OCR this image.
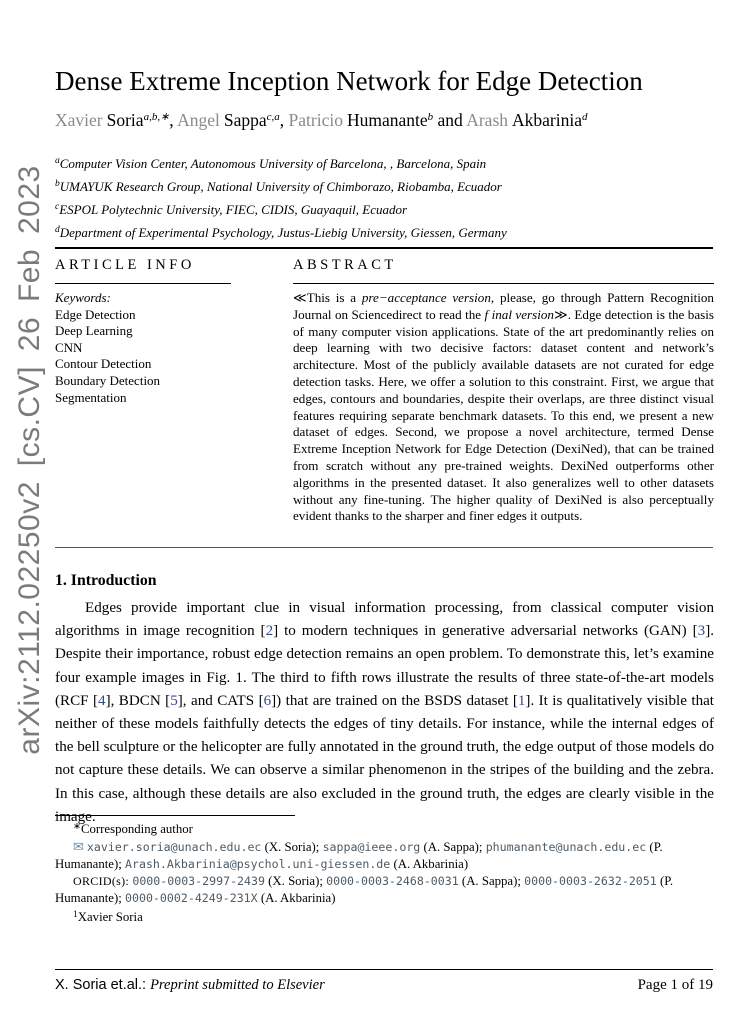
arXiv:2112.02250v2 [cs.CV] 26 Feb 2023
Dense Extreme Inception Network for Edge Detection
Xavier Soria$^{a,b,∗}$, Angel Sappa$^{c,a}$, Patricio Humanante$^b$ and Arash Akbarinia$^d$
$^a$Computer Vision Center, Autonomous University of Barcelona, , Barcelona, Spain
$^b$UMAYUK Research Group, National University of Chimborazo, Riobamba, Ecuador
$^c$ESPOL Polytechnic University, FIEC, CIDIS, Guayaquil, Ecuador
$^d$Department of Experimental Psychology, Justus-Liebig University, Giessen, Germany
ARTICLE INFO
Keywords:
Edge Detection
Deep Learning
CNN
Contour Detection
Boundary Detection
Segmentation
ABSTRACT
≪This is a pre−acceptance version, please, go through Pattern Recognition Journal on Sciencedirect to read the f inal version≫. Edge detection is the basis of many computer vision applications. State of the art predominantly relies on deep learning with two decisive factors: dataset content and network’s architecture. Most of the publicly available datasets are not curated for edge detection tasks. Here, we offer a solution to this constraint. First, we argue that edges, contours and boundaries, despite their overlaps, are three distinct visual features requiring separate benchmark datasets. To this end, we present a new dataset of edges. Second, we propose a novel architecture, termed Dense Extreme Inception Network for Edge Detection (DexiNed), that can be trained from scratch without any pre-trained weights. DexiNed outperforms other algorithms in the presented dataset. It also generalizes well to other datasets without any fine-tuning. The higher quality of DexiNed is also perceptually evident thanks to the sharper and finer edges it outputs.
1. Introduction
Edges provide important clue in visual information processing, from classical computer vision algorithms in image recognition [2] to modern techniques in generative adversarial networks (GAN) [3]. Despite their importance, robust edge detection remains an open problem. To demonstrate this, let’s examine four example images in Fig. 1. The third to fifth rows illustrate the results of three state-of-the-art models (RCF [4], BDCN [5], and CATS [6]) that are trained on the BSDS dataset [1]. It is qualitatively visible that neither of these models faithfully detects the edges of tiny details. For instance, while the internal edges of the bell sculpture or the helicopter are fully annotated in the ground truth, the edge output of those models do not capture these details. We can observe a similar phenomenon in the stripes of the building and the zebra. In this case, although these details are also excluded in the ground truth, the edges are clearly visible in the image.

∗Corresponding author

✉ xavier.soria@unach.edu.ec (X. Soria); sappa@ieee.org (A. Sappa); phumanante@unach.edu.ec (P. Humanante); Arash.Akbarinia@psychol.uni-giessen.de (A. Akbarinia)

ORCID(s): 0000-0003-2997-2439 (X. Soria); 0000-0003-2468-0031 (A. Sappa); 0000-0003-2632-2051 (P. Humanante); 0000-0002-4249-231X (A. Akbarinia)

$^1$Xavier Soria

X. Soria et.al.: Preprint submitted to Elsevier	Page 1 of 19
